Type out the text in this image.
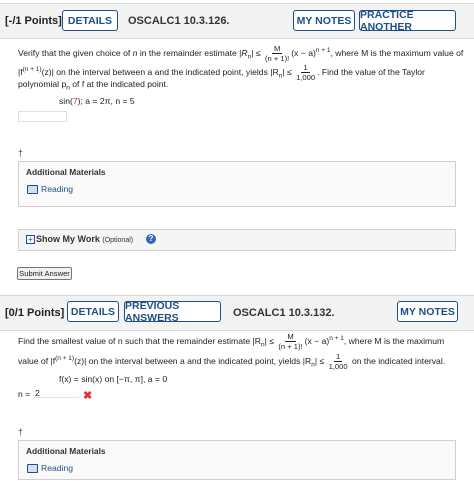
[-/1 Points] DETAILS	OSCALC1 10.3.126.	MY NOTES PRACTICE ANOTHER
Verify that the given choice of n in the remainder estimate $|R_n| \le \frac{M}{(n + 1)!} (x - a)^{n + 1}$, where M is the maximum value of
$|f^{(n + 1)}(z)|$ on the interval between a and the indicated point, yields $|R_n| \le \frac{1}{1,000}$ . Find the value of the Taylor
polynomial $p_n$ of f at the indicated point.
sin(7); a = 2π, n = 5
†
Additional Materials
Reading
+ Show My Work (Optional)	?
Submit Answer
[0/1 Points] DETAILS PREVIOUS ANSWERS	OSCALC1 10.3.132.	MY NOTES
Find the smallest value of n such that the remainder estimate $|R_n| \le \frac{M}{(n + 1)!} (x - a)^{n + 1}$, where M is the maximum
value of $|f^{(n + 1)}(z)|$ on the interval between a and the indicated point, yields $|R_n| \le \frac{1}{1,000}$ on the indicated interval.
f(x) = sin(x) on [−π, π], a = 0
n = 2	✖
†
Additional Materials
Reading
